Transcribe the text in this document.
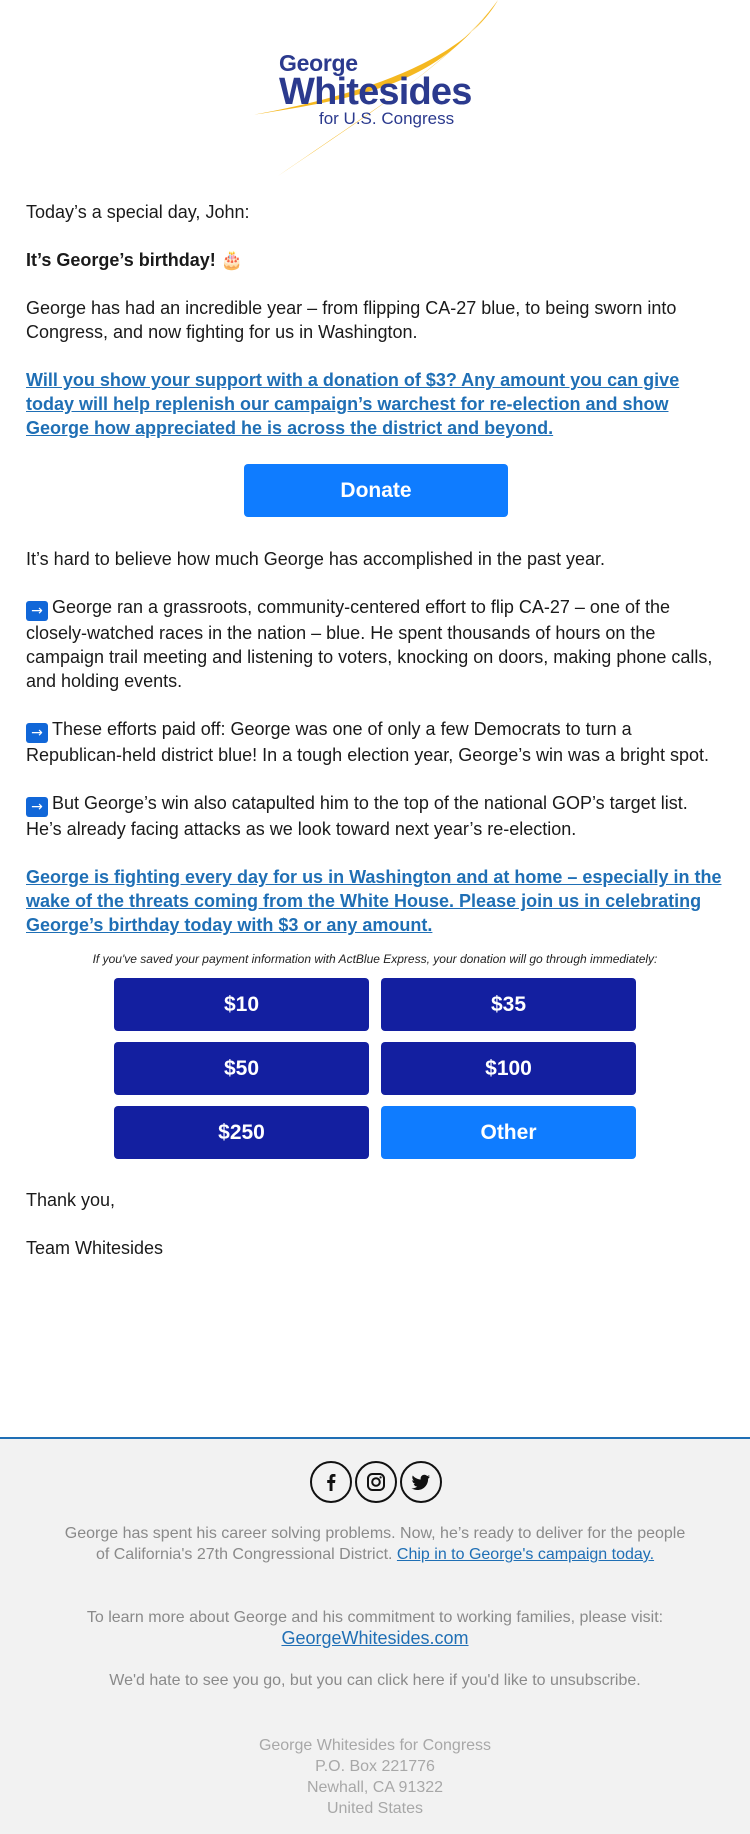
George
Whitesides
for U.S. Congress

Today’s a special day, John:

It’s George’s birthday! 🎂

George has had an incredible year – from flipping CA-27 blue, to being sworn into Congress, and now fighting for us in Washington.

Will you show your support with a donation of $3? Any amount you can give today will help replenish our campaign’s warchest for re-election and show George how appreciated he is across the district and beyond.

Donate

It’s hard to believe how much George has accomplished in the past year.

→ George ran a grassroots, community-centered effort to flip CA-27 – one of the closely-watched races in the nation – blue. He spent thousands of hours on the campaign trail meeting and listening to voters, knocking on doors, making phone calls, and holding events.

→ These efforts paid off: George was one of only a few Democrats to turn a Republican-held district blue! In a tough election year, George’s win was a bright spot.

→ But George’s win also catapulted him to the top of the national GOP’s target list. He’s already facing attacks as we look toward next year’s re-election.

George is fighting every day for us in Washington and at home – especially in the wake of the threats coming from the White House. Please join us in celebrating George’s birthday today with $3 or any amount.

If you've saved your payment information with ActBlue Express, your donation will go through immediately:
$10	$35
$50	$100
$250	Other

Thank you,

Team Whitesides

George has spent his career solving problems. Now, he’s ready to deliver for the people of California's 27th Congressional District. Chip in to George's campaign today.
To learn more about George and his commitment to working families, please visit:
GeorgeWhitesides.com
We'd hate to see you go, but you can click here if you'd like to unsubscribe.
George Whitesides for Congress
P.O. Box 221776
Newhall, CA 91322
United States
